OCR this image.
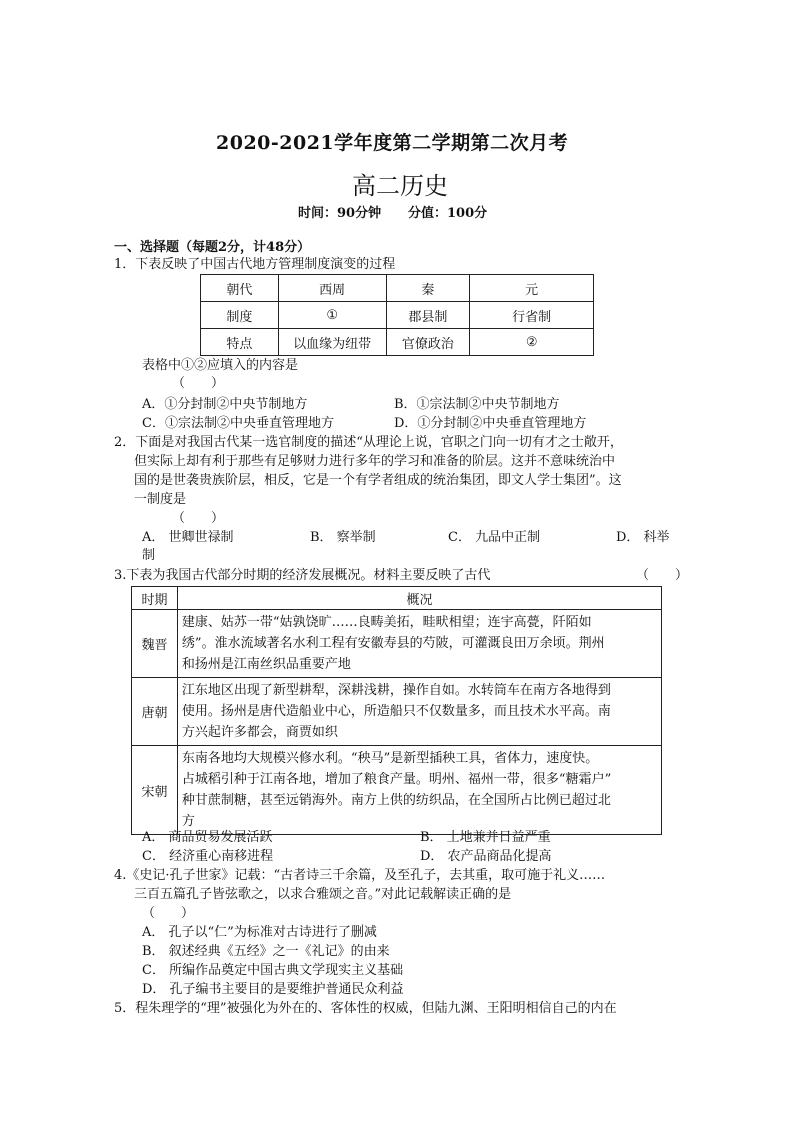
2020-2021学年度第二学期第二次月考
高二历史
时间：90分钟 分值：100分
一、选择题（每题2分，计48分）
1．下表反映了中国古代地方管理制度演变的过程
朝代	西周	秦	元
制度	①	郡县制	行省制
特点	以血缘为纽带	官僚政治	②
表格中①②应填入的内容是
（　　）
A．①分封制②中央节制地方	B．①宗法制②中央节制地方
C．①宗法制②中央垂直管理地方	D．①分封制②中央垂直管理地方
2．下面是对我国古代某一选官制度的描述“从理论上说，官职之门向一切有才之士敞开，
但实际上却有利于那些有足够财力进行多年的学习和准备的阶层。这并不意味统治中
国的是世袭贵族阶层，相反，它是一个有学者组成的统治集团，即文人学士集团”。这
一制度是
（　　）
A． 世卿世禄制	B． 察举制	C． 九品中正制	D． 科举
制
3.下表为我国古代部分时期的经济发展概况。材料主要反映了古代	（　　）
时期	概况
魏晋	建康、姑苏一带“姑孰饶旷……良畴美拓，畦畎相望；连宇高甍，阡陌如
绣”。淮水流域著名水利工程有安徽寿县的芍陂，可灌溉良田万余顷。荆州
和扬州是江南丝织品重要产地

唐朝	江东地区出现了新型耕犁，深耕浅耕，操作自如。水转筒车在南方各地得到
使用。扬州是唐代造船业中心，所造船只不仅数量多，而且技术水平高。南
方兴起许多都会，商贾如织

宋朝	东南各地均大规模兴修水利。“秧马”是新型插秧工具，省体力，速度快。
占城稻引种于江南各地，增加了粮食产量。明州、福州一带，很多“糖霜户”
种甘蔗制糖，甚至远销海外。南方上供的纺织品，在全国所占比例已超过北
方
A． 商品贸易发展活跃	B． 土地兼并日益严重
C． 经济重心南移进程	D． 农产品商品化提高
4.《史记·孔子世家》记载：“古者诗三千余篇，及至孔子，去其重，取可施于礼义……
三百五篇孔子皆弦歌之，以求合雅颂之音。”对此记载解读正确的是
（　　）
A． 孔子以“仁”为标准对古诗进行了删减
B． 叙述经典《五经》之一《礼记》的由来
C． 所编作品奠定中国古典文学现实主义基础
D． 孔子编书主要目的是要维护普通民众利益
5．程朱理学的“理”被强化为外在的、客体性的权威，但陆九渊、王阳明相信自己的内在
